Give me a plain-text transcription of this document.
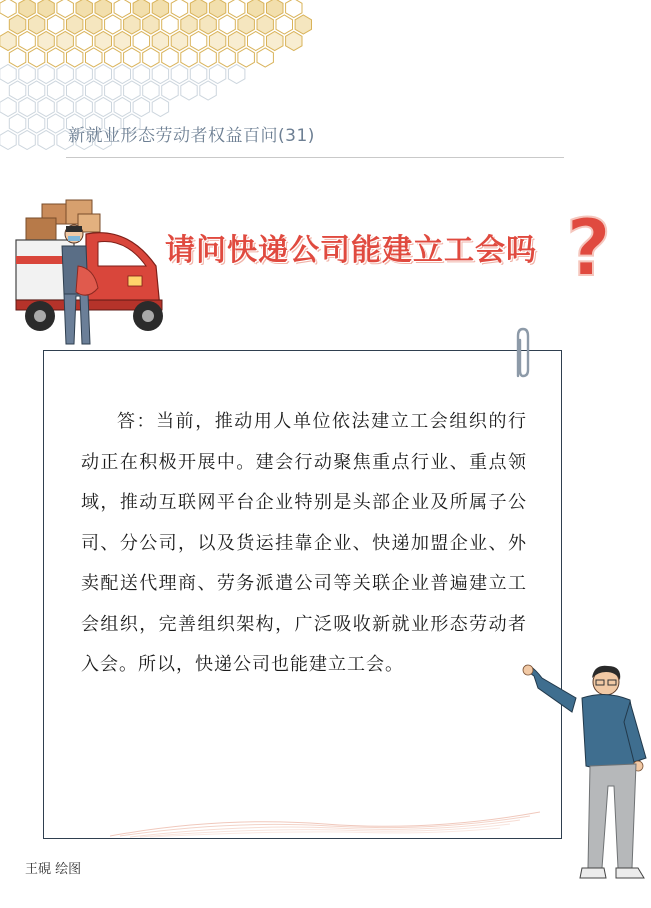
新就业形态劳动者权益百问(31)
请问快递公司能建立工会吗 ?
答：当前，推动用人单位依法建立工会组织的行动正在积极开展中。建会行动聚焦重点行业、重点领域，推动互联网平台企业特别是头部企业及所属子公司、分公司，以及货运挂靠企业、快递加盟企业、外卖配送代理商、劳务派遣公司等关联企业普遍建立工会组织，完善组织架构，广泛吸收新就业形态劳动者入会。所以，快递公司也能建立工会。
王硯 绘图
